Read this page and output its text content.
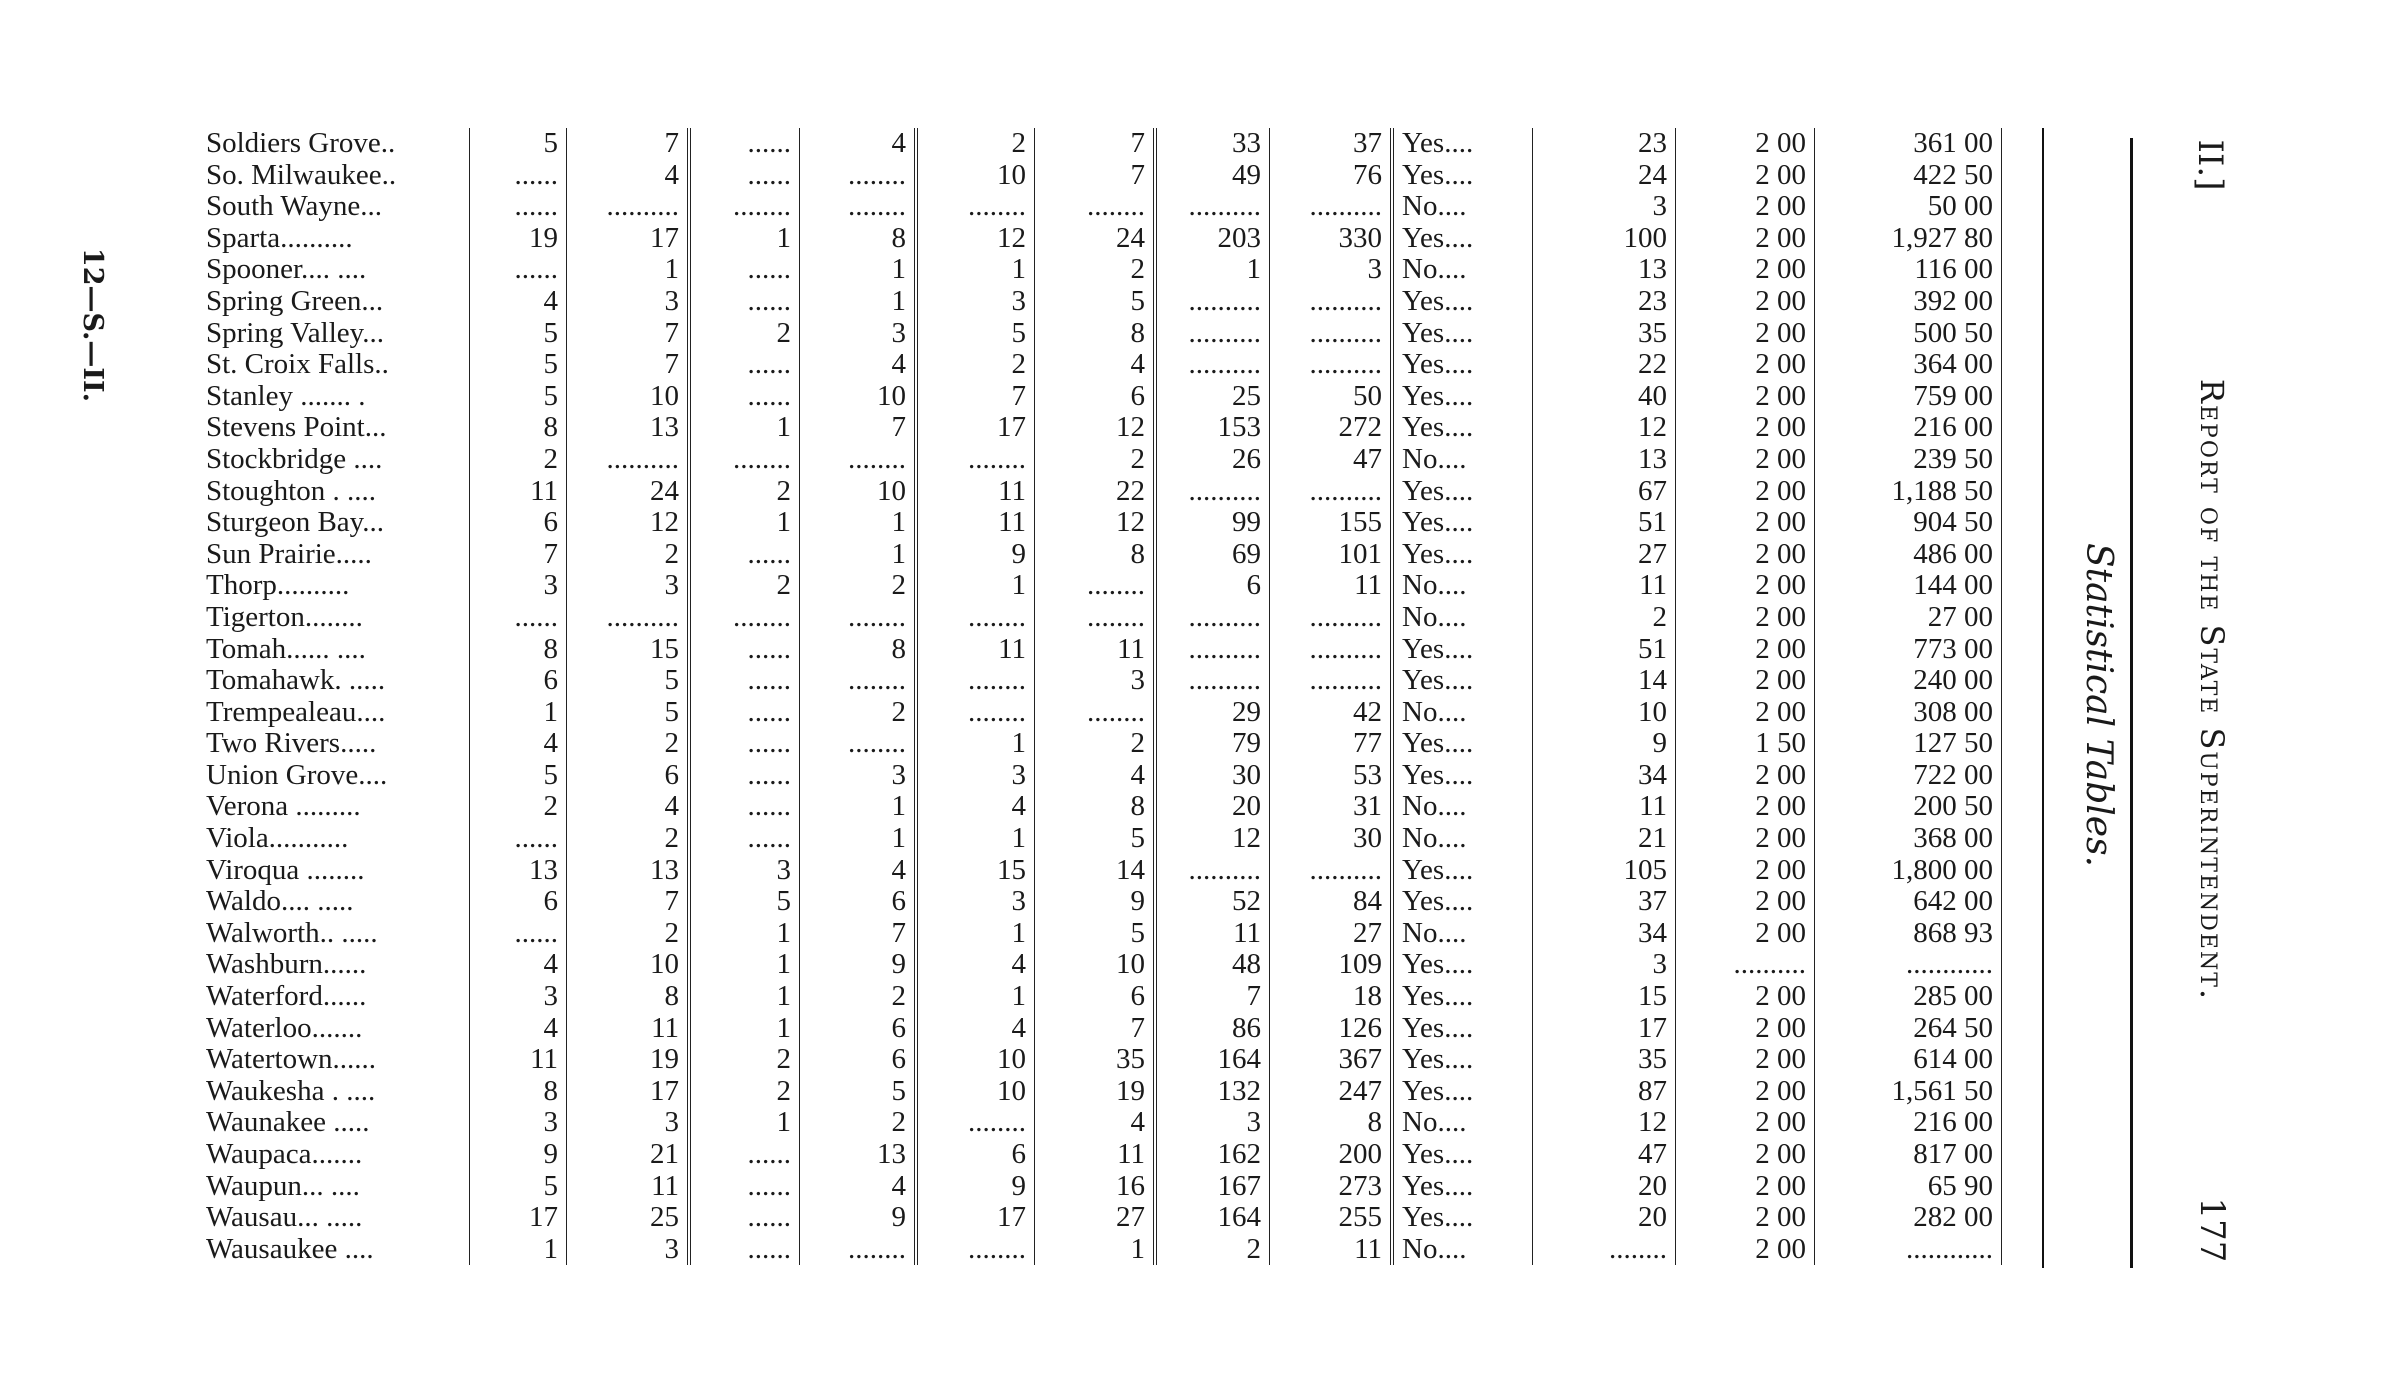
12—S.—II.
Soldiers Grove..	5	7	......	4	2	7	33	37	Yes....	23	2 00	361 00
So. Milwaukee..	......	4	......	........	10	7	49	76	Yes....	24	2 00	422 50
South Wayne...	......	..........	........	........	........	........	..........	..........	No....	3	2 00	50 00
Sparta..........	19	17	1	8	12	24	203	330	Yes....	100	2 00	1,927 80
Spooner.... ....	......	1	......	1	1	2	1	3	No....	13	2 00	116 00
Spring Green...	4	3	......	1	3	5	..........	..........	Yes....	23	2 00	392 00
Spring Valley...	5	7	2	3	5	8	..........	..........	Yes....	35	2 00	500 50
St. Croix Falls..	5	7	......	4	2	4	..........	..........	Yes....	22	2 00	364 00
Stanley ....... .	5	10	......	10	7	6	25	50	Yes....	40	2 00	759 00
Stevens Point...	8	13	1	7	17	12	153	272	Yes....	12	2 00	216 00
Stockbridge ....	2	..........	........	........	........	2	26	47	No....	13	2 00	239 50
Stoughton . ....	11	24	2	10	11	22	..........	..........	Yes....	67	2 00	1,188 50
Sturgeon Bay...	6	12	1	1	11	12	99	155	Yes....	51	2 00	904 50
Sun Prairie.....	7	2	......	1	9	8	69	101	Yes....	27	2 00	486 00
Thorp..........	3	3	2	2	1	........	6	11	No....	11	2 00	144 00
Tigerton........	......	..........	........	........	........	........	..........	..........	No....	2	2 00	27 00
Tomah...... ....	8	15	......	8	11	11	..........	..........	Yes....	51	2 00	773 00
Tomahawk. .....	6	5	......	........	........	3	..........	..........	Yes....	14	2 00	240 00
Trempealeau....	1	5	......	2	........	........	29	42	No....	10	2 00	308 00
Two Rivers.....	4	2	......	........	1	2	79	77	Yes....	9	1 50	127 50
Union Grove....	5	6	......	3	3	4	30	53	Yes....	34	2 00	722 00
Verona .........	2	4	......	1	4	8	20	31	No....	11	2 00	200 50
Viola...........	......	2	......	1	1	5	12	30	No....	21	2 00	368 00
Viroqua ........	13	13	3	4	15	14	..........	..........	Yes....	105	2 00	1,800 00
Waldo.... .....	6	7	5	6	3	9	52	84	Yes....	37	2 00	642 00
Walworth.. .....	......	2	1	7	1	5	11	27	No....	34	2 00	868 93
Washburn......	4	10	1	9	4	10	48	109	Yes....	3	..........	............
Waterford......	3	8	1	2	1	6	7	18	Yes....	15	2 00	285 00
Waterloo.......	4	11	1	6	4	7	86	126	Yes....	17	2 00	264 50
Watertown......	11	19	2	6	10	35	164	367	Yes....	35	2 00	614 00
Waukesha . ....	8	17	2	5	10	19	132	247	Yes....	87	2 00	1,561 50
Waunakee .....	3	3	1	2	........	4	3	8	No....	12	2 00	216 00
Waupaca.......	9	21	......	13	6	11	162	200	Yes....	47	2 00	817 00
Waupun... ....	5	11	......	4	9	16	167	273	Yes....	20	2 00	65 90
Wausau... .....	17	25	......	9	17	27	164	255	Yes....	20	2 00	282 00
Wausaukee ....	1	3	......	........	........	1	2	11	No....	........	2 00	............
Statistical Tables.
II.]
Report of the State Superintendent.
177
